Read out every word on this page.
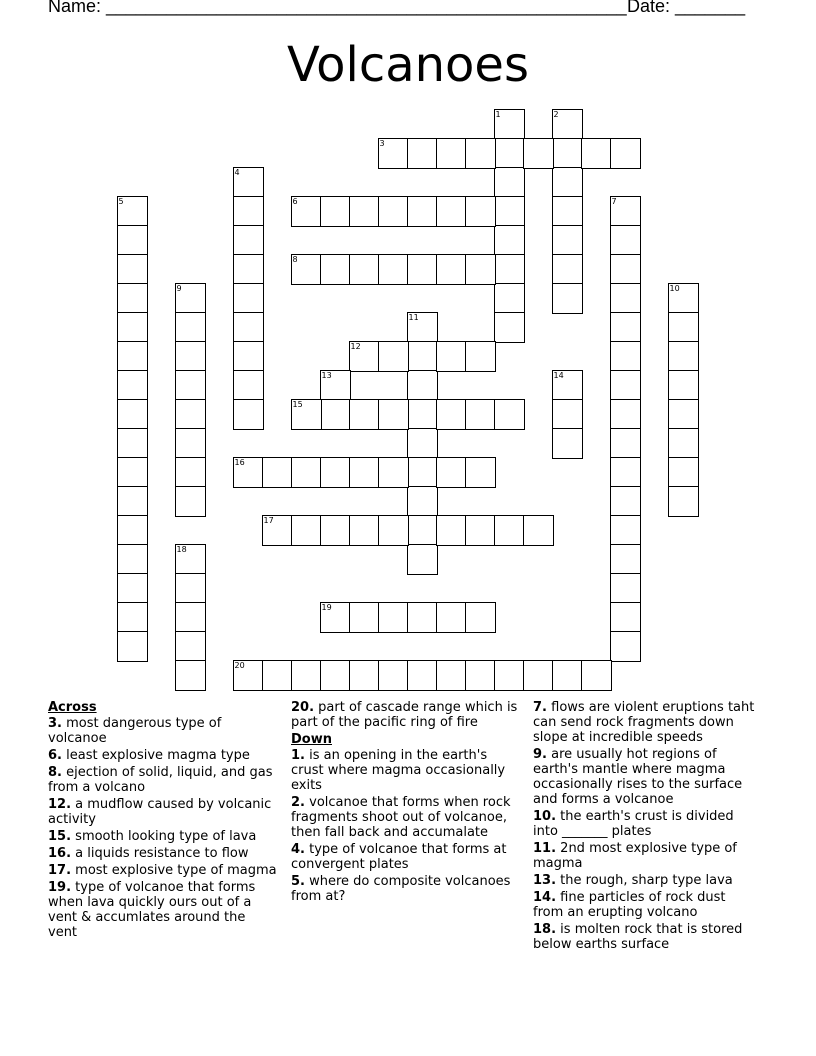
Name: ____________________________________________________ Date: _______
Volcanoes
1	2
3
4
5	6	7
8
9	10
11
12
13	14
15
16
17
18
19
20
Across
3. most dangerous type of volcanoe
6. least explosive magma type
8. ejection of solid, liquid, and gas from a volcano
12. a mudflow caused by volcanic activity
15. smooth looking type of lava
16. a liquids resistance to flow
17. most explosive type of magma
19. type of volcanoe that forms when lava quickly ours out of a vent & accumlates around the vent
20. part of cascade range which is part of the pacific ring of fire
Down
1. is an opening in the earth's crust where magma occasionally exits
2. volcanoe that forms when rock fragments shoot out of volcanoe, then fall back and accumalate
4. type of volcanoe that forms at convergent plates
5. where do composite volcanoes from at?
7. flows are violent eruptions taht can send rock fragments down slope at incredible speeds
9. are usually hot regions of earth's mantle where magma occasionally rises to the surface and forms a volcanoe
10. the earth's crust is divided into _______ plates
11. 2nd most explosive type of magma
13. the rough, sharp type lava
14. fine particles of rock dust from an erupting volcano
18. is molten rock that is stored below earths surface
